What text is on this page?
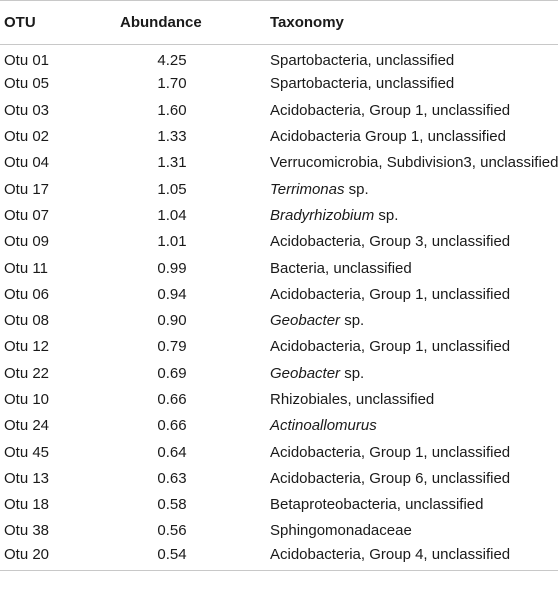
OTU	Abundance	Taxonomy
Otu 01	4.25	Spartobacteria, unclassified
Otu 05	1.70	Spartobacteria, unclassified
Otu 03	1.60	Acidobacteria, Group 1, unclassified
Otu 02	1.33	Acidobacteria Group 1, unclassified
Otu 04	1.31	Verrucomicrobia, Subdivision3, unclassified
Otu 17	1.05	Terrimonas sp.
Otu 07	1.04	Bradyrhizobium sp.
Otu 09	1.01	Acidobacteria, Group 3, unclassified
Otu 11	0.99	Bacteria, unclassified
Otu 06	0.94	Acidobacteria, Group 1, unclassified
Otu 08	0.90	Geobacter sp.
Otu 12	0.79	Acidobacteria, Group 1, unclassified
Otu 22	0.69	Geobacter sp.
Otu 10	0.66	Rhizobiales, unclassified
Otu 24	0.66	Actinoallomurus
Otu 45	0.64	Acidobacteria, Group 1, unclassified
Otu 13	0.63	Acidobacteria, Group 6, unclassified
Otu 18	0.58	Betaproteobacteria, unclassified
Otu 38	0.56	Sphingomonadaceae
Otu 20	0.54	Acidobacteria, Group 4, unclassified
